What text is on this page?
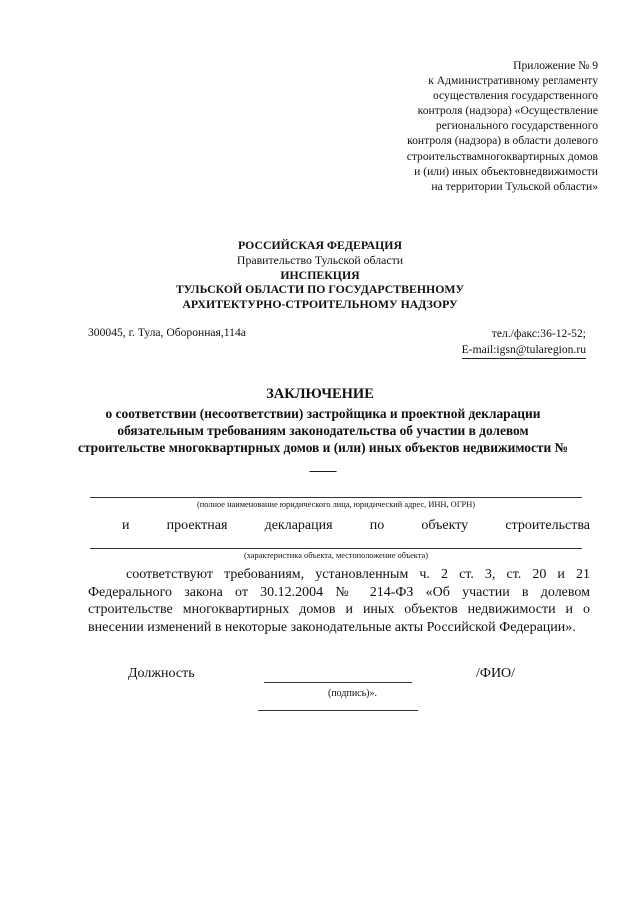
Приложение № 9
к Административному регламенту
осуществления государственного
контроля (надзора) «Осуществление
регионального государственного
контроля (надзора) в области долевого
строительствамногоквартирных домов
и (или) иных объектовнедвижимости
на территории Тульской области»
РОССИЙСКАЯ ФЕДЕРАЦИЯ
Правительство Тульской области
ИНСПЕКЦИЯ
ТУЛЬСКОЙ ОБЛАСТИ ПО ГОСУДАРСТВЕННОМУ
АРХИТЕКТУРНО-СТРОИТЕЛЬНОМУ НАДЗОРУ
300045, г. Тула, Оборонная,114а	тел./факс:36-12-52;
E-mail:igsn@tularegion.ru
ЗАКЛЮЧЕНИЕ
о соответствии (несоответствии) застройщика и проектной декларации обязательным требованиям законодательства об участии в долевом строительстве многоквартирных домов и (или) иных объектов недвижимости № ____
(полное наименование юридического лица, юридический адрес, ИНН, ОГРН)
и	проектная	декларация	по	объекту	строительства
(характеристика объекта, местоположение объекта)
соответствуют требованиям, установленным ч. 2 ст. 3, ст. 20 и 21 Федерального закона от 30.12.2004 № 214-ФЗ «Об участии в долевом строительстве многоквартирных домов и иных объектов недвижимости и о внесении изменений в некоторые законодательные акты Российской Федерации».
Должность	/ФИО/
(подпись)».
